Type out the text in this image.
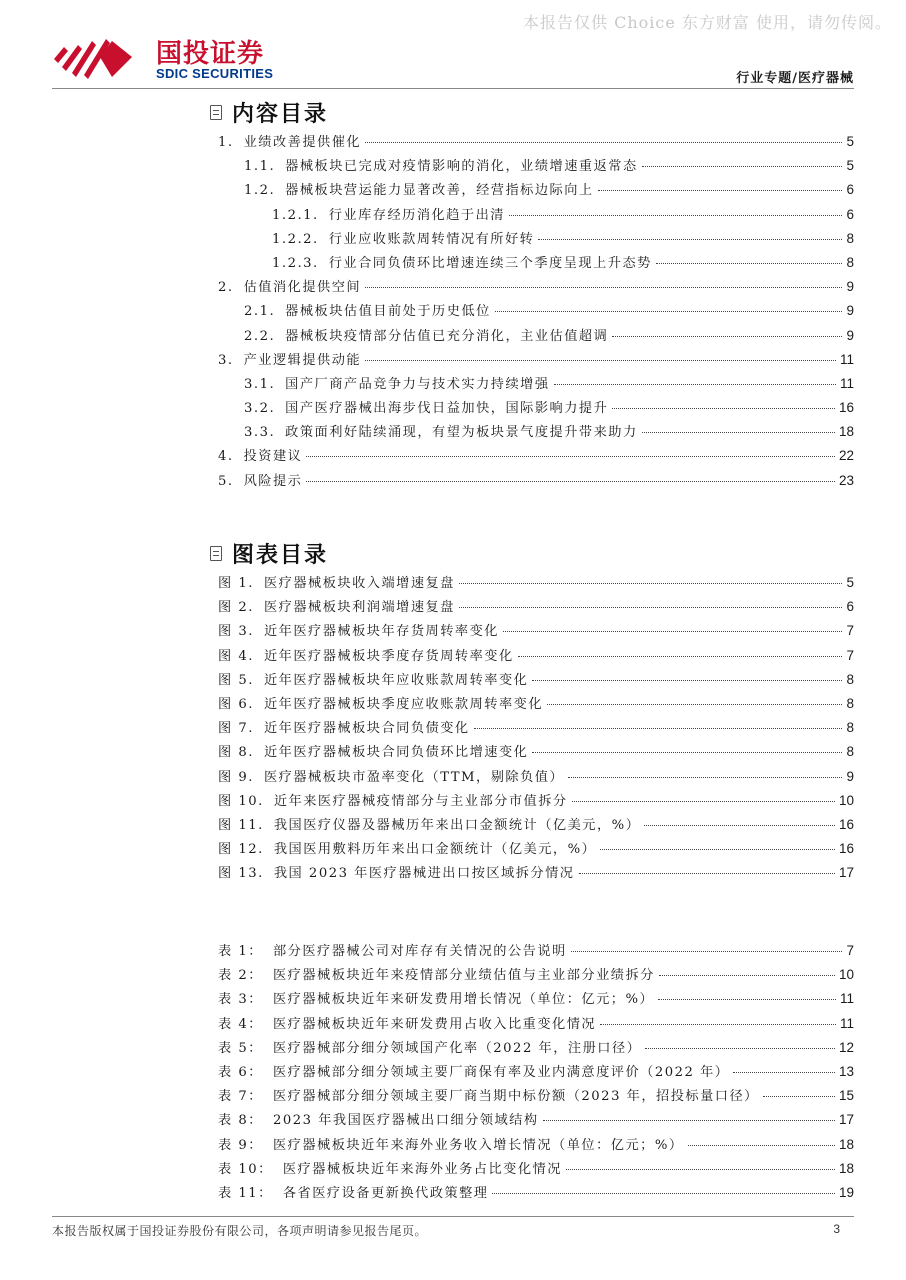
本报告仅供 Choice 东方财富 使用，请勿传阅。
国投证券
SDIC SECURITIES	行业专题/医疗器械
内容目录
1. 业绩改善提供催化	5
1.1. 器械板块已完成对疫情影响的消化，业绩增速重返常态	5
1.2. 器械板块营运能力显著改善，经营指标边际向上	6
1.2.1. 行业库存经历消化趋于出清	6
1.2.2. 行业应收账款周转情况有所好转	8
1.2.3. 行业合同负债环比增速连续三个季度呈现上升态势	8
2. 估值消化提供空间	9
2.1. 器械板块估值目前处于历史低位	9
2.2. 器械板块疫情部分估值已充分消化，主业估值超调	9
3. 产业逻辑提供动能	11
3.1. 国产厂商产品竞争力与技术实力持续增强	11
3.2. 国产医疗器械出海步伐日益加快，国际影响力提升	16
3.3. 政策面利好陆续涌现，有望为板块景气度提升带来助力	18
4. 投资建议	22
5. 风险提示	23
图表目录
图 1. 医疗器械板块收入端增速复盘	5
图 2. 医疗器械板块利润端增速复盘	6
图 3. 近年医疗器械板块年存货周转率变化	7
图 4. 近年医疗器械板块季度存货周转率变化	7
图 5. 近年医疗器械板块年应收账款周转率变化	8
图 6. 近年医疗器械板块季度应收账款周转率变化	8
图 7. 近年医疗器械板块合同负债变化	8
图 8. 近年医疗器械板块合同负债环比增速变化	8
图 9. 医疗器械板块市盈率变化（TTM，剔除负值）	9
图 10. 近年来医疗器械疫情部分与主业部分市值拆分	10
图 11. 我国医疗仪器及器械历年来出口金额统计（亿美元，%）	16
图 12. 我国医用敷料历年来出口金额统计（亿美元，%）	16
图 13. 我国 2023 年医疗器械进出口按区域拆分情况	17
表 1： 部分医疗器械公司对库存有关情况的公告说明	7
表 2： 医疗器械板块近年来疫情部分业绩估值与主业部分业绩拆分	10
表 3： 医疗器械板块近年来研发费用增长情况（单位：亿元；%）	11
表 4： 医疗器械板块近年来研发费用占收入比重变化情况	11
表 5： 医疗器械部分细分领域国产化率（2022 年，注册口径）	12
表 6： 医疗器械部分细分领域主要厂商保有率及业内满意度评价（2022 年）	13
表 7： 医疗器械部分细分领域主要厂商当期中标份额（2023 年，招投标量口径）	15
表 8： 2023 年我国医疗器械出口细分领域结构	17
表 9： 医疗器械板块近年来海外业务收入增长情况（单位：亿元；%）	18
表 10： 医疗器械板块近年来海外业务占比变化情况	18
表 11： 各省医疗设备更新换代政策整理	19
本报告版权属于国投证券股份有限公司，各项声明请参见报告尾页。	3
